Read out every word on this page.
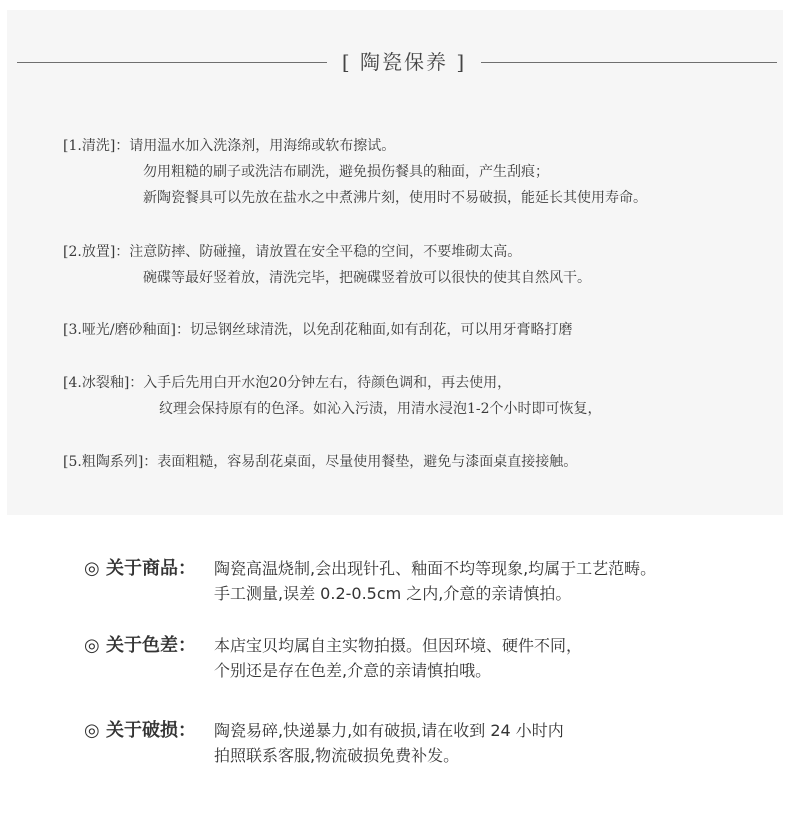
[ 陶瓷保养 ]
[1.清洗]：请用温水加入洗涤剂，用海绵或软布擦试。
勿用粗糙的刷子或洗洁布刷洗，避免损伤餐具的釉面，产生刮痕；
新陶瓷餐具可以先放在盐水之中煮沸片刻，使用时不易破损，能延长其使用寿命。
[2.放置]：注意防摔、防碰撞，请放置在安全平稳的空间，不要堆砌太高。
碗碟等最好竖着放，清洗完毕，把碗碟竖着放可以很快的使其自然风干。
[3.哑光/磨砂釉面]：切忌钢丝球清洗，以免刮花釉面,如有刮花，可以用牙膏略打磨
[4.冰裂釉]：入手后先用白开水泡20分钟左右，待颜色调和，再去使用，
纹理会保持原有的色泽。如沁入污渍，用清水浸泡1-2个小时即可恢复，
[5.粗陶系列]：表面粗糙，容易刮花桌面，尽量使用餐垫，避免与漆面桌直接接触。
◎ 关于商品： 陶瓷高温烧制,会出现针孔、釉面不均等现象,均属于工艺范畴。
手工测量,误差 0.2-0.5cm 之内,介意的亲请慎拍。
◎ 关于色差： 本店宝贝均属自主实物拍摄。但因环境、硬件不同，
个别还是存在色差,介意的亲请慎拍哦。
◎ 关于破损： 陶瓷易碎,快递暴力,如有破损,请在收到 24 小时内
拍照联系客服,物流破损免费补发。
